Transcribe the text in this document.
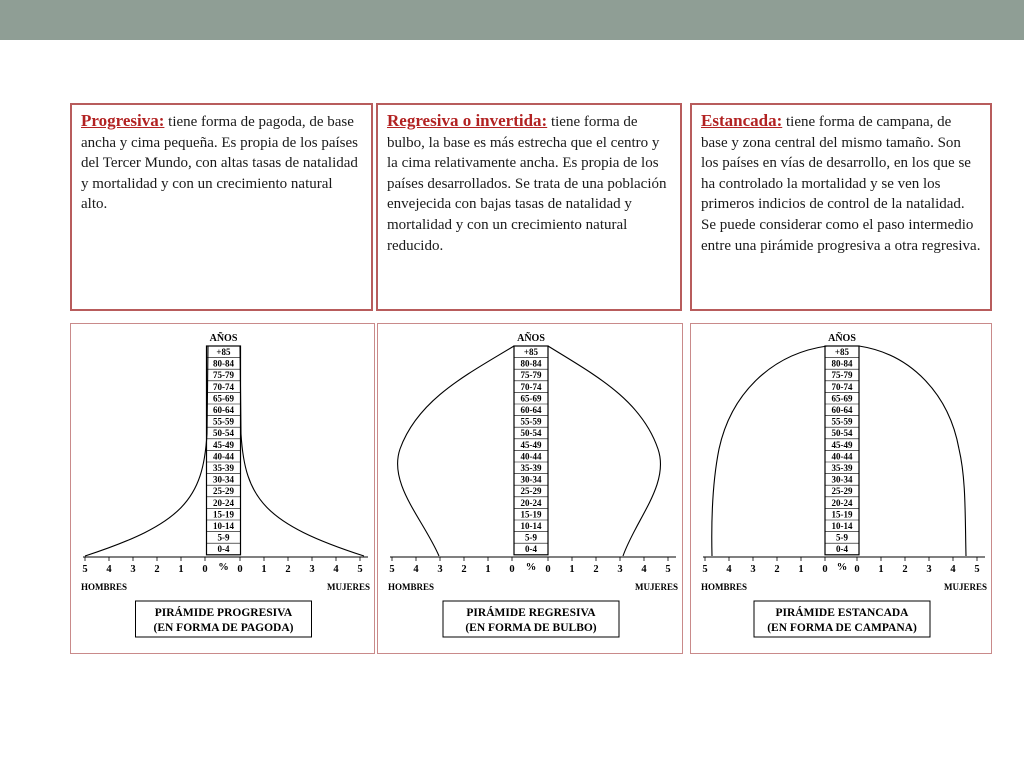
Progresiva: tiene forma de pagoda, de base ancha y cima pequeña. Es propia de los países del Tercer Mundo, con altas tasas de natalidad y mortalidad y con un crecimiento natural alto.
Regresiva o invertida: tiene forma de bulbo, la base es más estrecha que el centro y la cima relativamente ancha. Es propia de los países desarrollados. Se trata de una población envejecida con bajas tasas de natalidad y mortalidad y con un crecimiento natural reducido.
Estancada: tiene forma de campana, de base y zona central del mismo tamaño. Son los países en vías de desarrollo, en los que se ha controlado la mortalidad y se ven los primeros indicios de control de la natalidad. Se puede considerar como el paso intermedio entre una pirámide progresiva a otra regresiva.
AÑOS
+85
80-84
75-79
70-74
65-69
60-64
55-59
50-54
45-49
40-44
35-39
30-34
25-29
20-24
15-19
10-14
5-9
0-4
5 4 3 2 1 0	0 1 2 3 4 5
%
HOMBRES	MUJERES
PIRÁMIDE PROGRESIVA
(EN FORMA DE PAGODA)
AÑOS
+85
80-84
75-79
70-74
65-69
60-64
55-59
50-54
45-49
40-44
35-39
30-34
25-29
20-24
15-19
10-14
5-9
0-4
5 4 3 2 1 0	0 1 2 3 4 5
%
HOMBRES	MUJERES
PIRÁMIDE REGRESIVA
(EN FORMA DE BULBO)
AÑOS
+85
80-84
75-79
70-74
65-69
60-64
55-59
50-54
45-49
40-44
35-39
30-34
25-29
20-24
15-19
10-14
5-9
0-4
5 4 3 2 1 0	0 1 2 3 4 5
%
HOMBRES	MUJERES
PIRÁMIDE ESTANCADA
(EN FORMA DE CAMPANA)
